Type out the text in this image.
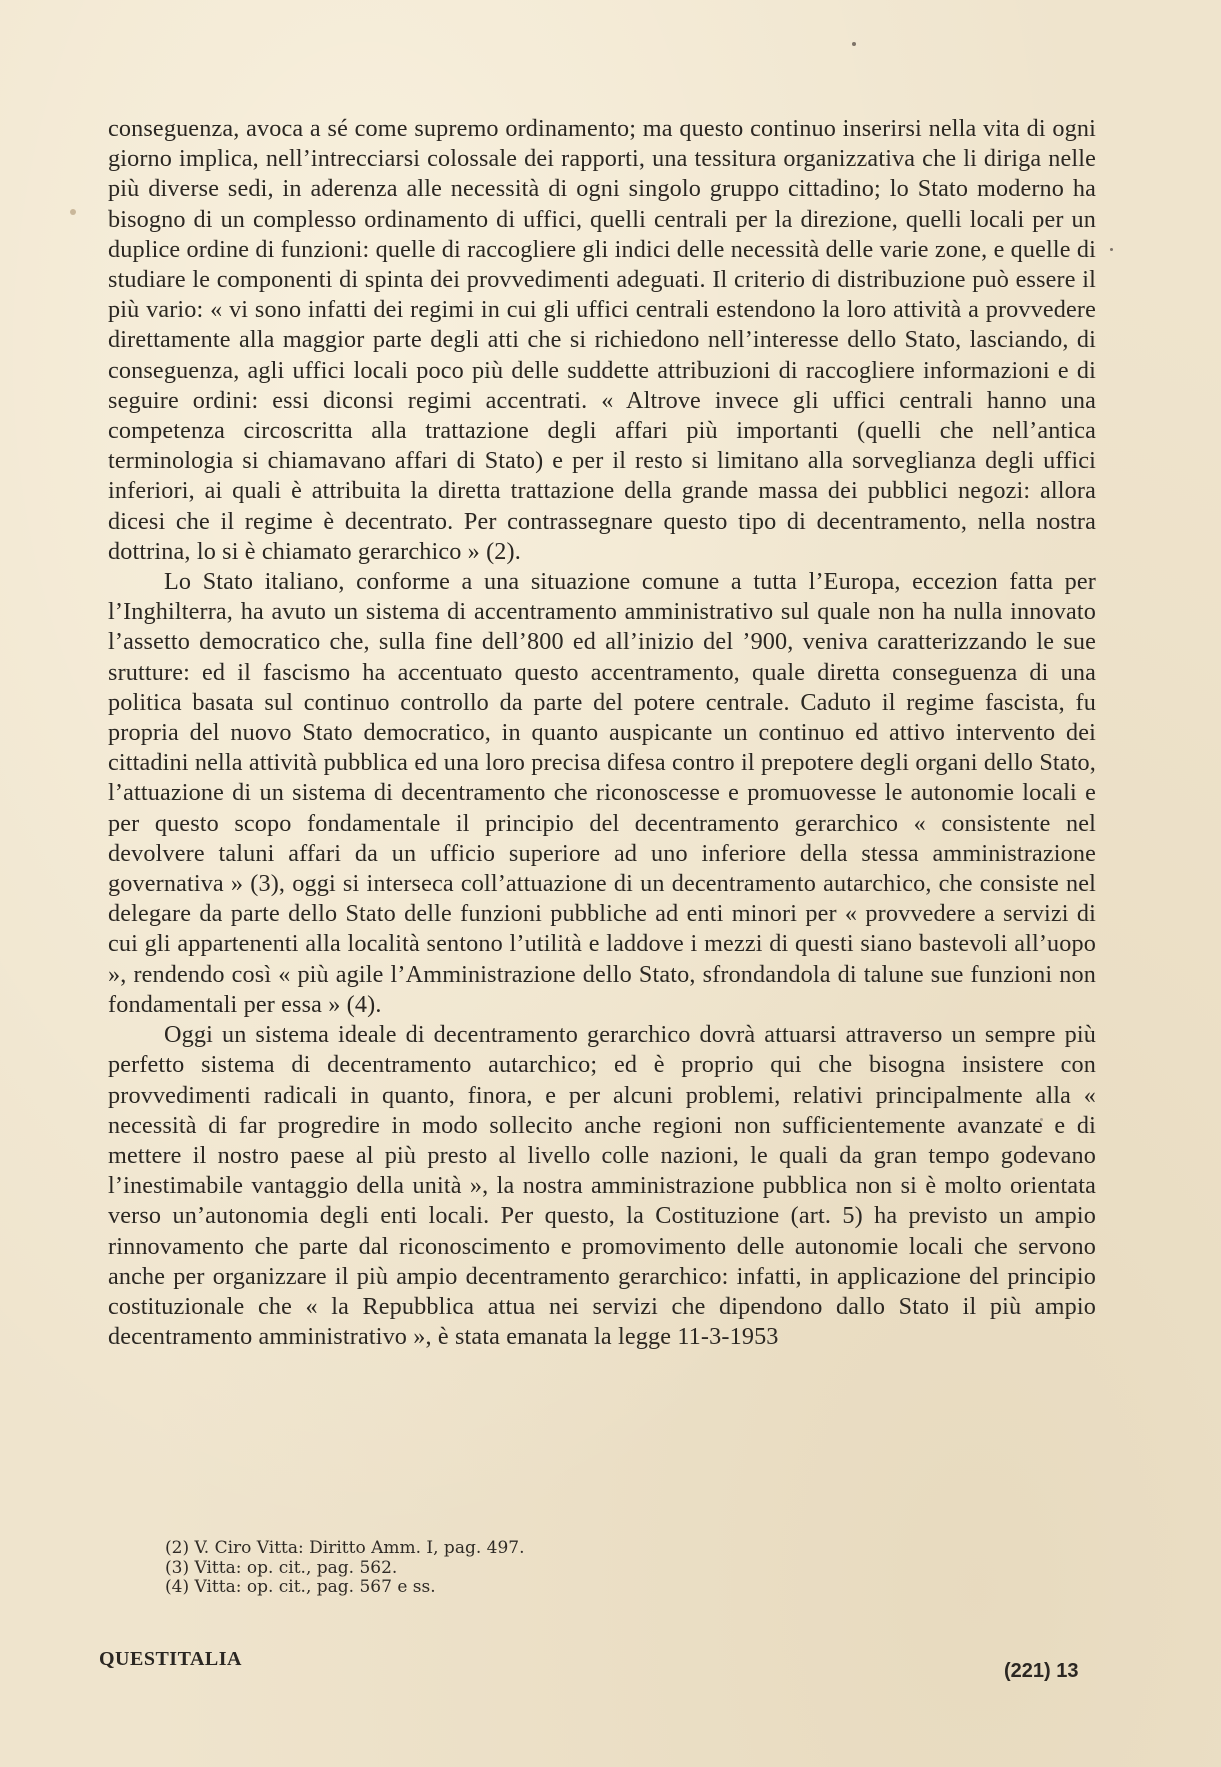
conseguenza, avoca a sé come supremo ordinamento; ma questo continuo inserirsi nella vita di ogni giorno implica, nell’intrecciarsi colossale dei rapporti, una tessitura organizzativa che li diriga nelle più diverse sedi, in aderenza alle necessità di ogni singolo gruppo cittadino; lo Stato moderno ha bisogno di un complesso ordinamento di uffici, quelli centrali per la direzione, quelli locali per un duplice ordine di funzioni: quelle di raccogliere gli indici delle necessità delle varie zone, e quelle di studiare le componenti di spinta dei provvedimenti adeguati. Il criterio di distribuzione può essere il più vario: « vi sono infatti dei regimi in cui gli uffici centrali estendono la loro attività a provvedere direttamente alla maggior parte degli atti che si richiedono nell’interesse dello Stato, lasciando, di conseguenza, agli uffici locali poco più delle suddette attribuzioni di raccogliere informazioni e di seguire ordini: essi diconsi regimi accentrati. « Altrove invece gli uffici centrali hanno una competenza circoscritta alla trattazione degli affari più importanti (quelli che nell’antica terminologia si chiamavano affari di Stato) e per il resto si limitano alla sorveglianza degli uffici inferiori, ai quali è attribuita la diretta trattazione della grande massa dei pubblici negozi: allora dicesi che il regime è decentrato. Per contrassegnare questo tipo di decentramento, nella nostra dottrina, lo si è chiamato gerarchico » (2).

Lo Stato italiano, conforme a una situazione comune a tutta l’Europa, eccezion fatta per l’Inghilterra, ha avuto un sistema di accentramento amministrativo sul quale non ha nulla innovato l’assetto democratico che, sulla fine dell’800 ed all’inizio del ’900, veniva caratterizzando le sue srutture: ed il fascismo ha accentuato questo accentramento, quale diretta conseguenza di una politica basata sul continuo controllo da parte del potere centrale. Caduto il regime fascista, fu propria del nuovo Stato democratico, in quanto auspicante un continuo ed attivo intervento dei cittadini nella attività pubblica ed una loro precisa difesa contro il prepotere degli organi dello Stato, l’attuazione di un sistema di decentramento che riconoscesse e promuovesse le autonomie locali e per questo scopo fondamentale il principio del decentramento gerarchico « consistente nel devolvere taluni affari da un ufficio superiore ad uno inferiore della stessa amministrazione governativa » (3), oggi si interseca coll’attuazione di un decentramento autarchico, che consiste nel delegare da parte dello Stato delle funzioni pubbliche ad enti minori per « provvedere a servizi di cui gli appartenenti alla località sentono l’utilità e laddove i mezzi di questi siano bastevoli all’uopo », rendendo così « più agile l’Amministrazione dello Stato, sfrondandola di talune sue funzioni non fondamentali per essa » (4).

Oggi un sistema ideale di decentramento gerarchico dovrà attuarsi attraverso un sempre più perfetto sistema di decentramento autarchico; ed è proprio qui che bisogna insistere con provvedimenti radicali in quanto, finora, e per alcuni problemi, relativi principalmente alla « necessità di far progredire in modo sollecito anche regioni non sufficientemente avanzate e di mettere il nostro paese al più presto al livello colle nazioni, le quali da gran tempo godevano l’inestimabile vantaggio della unità », la nostra amministrazione pubblica non si è molto orientata verso un’autonomia degli enti locali. Per questo, la Costituzione (art. 5) ha previsto un ampio rinnovamento che parte dal riconoscimento e promovimento delle autonomie locali che servono anche per organizzare il più ampio decentramento gerarchico: infatti, in applicazione del principio costituzionale che « la Repubblica attua nei servizi che dipendono dallo Stato il più ampio decentramento amministrativo », è stata emanata la legge 11-3-1953

(2) V. Ciro Vitta: Diritto Amm. I, pag. 497.
(3) Vitta: op. cit., pag. 562.
(4) Vitta: op. cit., pag. 567 e ss.
QUESTITALIA
(221) 13
